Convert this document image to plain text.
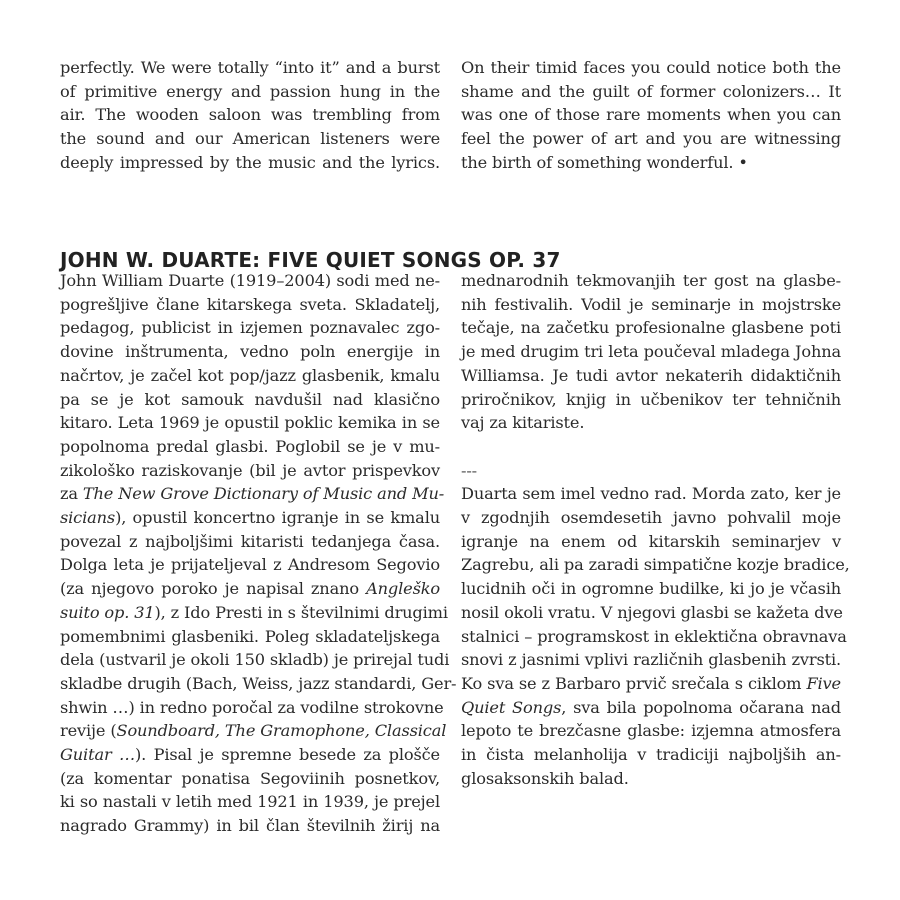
perfectly. We were totally “into it” and a burst
of primitive energy and passion hung in the
air. The wooden saloon was trembling from
the sound and our American listeners were
deeply impressed by the music and the lyrics.
On their timid faces you could notice both the
shame and the guilt of former colonizers… It
was one of those rare moments when you can
feel the power of art and you are witnessing
the birth of something wonderful. •
JOHN W. DUARTE: FIVE QUIET SONGS OP. 37
John William Duarte (1919–2004) sodi med ne-
pogrešljive člane kitarskega sveta. Skladatelj,
pedagog, publicist in izjemen poznavalec zgo-
dovine inštrumenta, vedno poln energije in
načrtov, je začel kot pop/jazz glasbenik, kmalu
pa se je kot samouk navdušil nad klasično
kitaro. Leta 1969 je opustil poklic kemika in se
popolnoma predal glasbi. Poglobil se je v mu-
zikološko raziskovanje (bil je avtor prispevkov
za The New Grove Dictionary of Music and Mu-
sicians), opustil koncertno igranje in se kmalu
povezal z najboljšimi kitaristi tedanjega časa.
Dolga leta je prijateljeval z Andresom Segovio
(za njegovo poroko je napisal znano Angleško
suito op. 31), z Ido Presti in s številnimi drugimi
pomembnimi glasbeniki. Poleg skladateljskega
dela (ustvaril je okoli 150 skladb) je prirejal tudi
skladbe drugih (Bach, Weiss, jazz standardi, Ger-
shwin …) in redno poročal za vodilne strokovne
revije (Soundboard, The Gramophone, Classical
Guitar …). Pisal je spremne besede za plošče
(za komentar ponatisa Segoviinih posnetkov,
ki so nastali v letih med 1921 in 1939, je prejel
nagrado Grammy) in bil član številnih žirij na
mednarodnih tekmovanjih ter gost na glasbe-
nih festivalih. Vodil je seminarje in mojstrske
tečaje, na začetku profesionalne glasbene poti
je med drugim tri leta poučeval mladega Johna
Williamsa. Je tudi avtor nekaterih didaktičnih
priročnikov, knjig in učbenikov ter tehničnih
vaj za kitariste.
---
Duarta sem imel vedno rad. Morda zato, ker je
v zgodnjih osemdesetih javno pohvalil moje
igranje na enem od kitarskih seminarjev v
Zagrebu, ali pa zaradi simpatične kozje bradice,
lucidnih oči in ogromne budilke, ki jo je včasih
nosil okoli vratu. V njegovi glasbi se kažeta dve
stalnici – programskost in eklektična obravnava
snovi z jasnimi vplivi različnih glasbenih zvrsti.
Ko sva se z Barbaro prvič srečala s ciklom Five
Quiet Songs, sva bila popolnoma očarana nad
lepoto te brezčasne glasbe: izjemna atmosfera
in čista melanholija v tradiciji najboljših an-
glosaksonskih balad.
